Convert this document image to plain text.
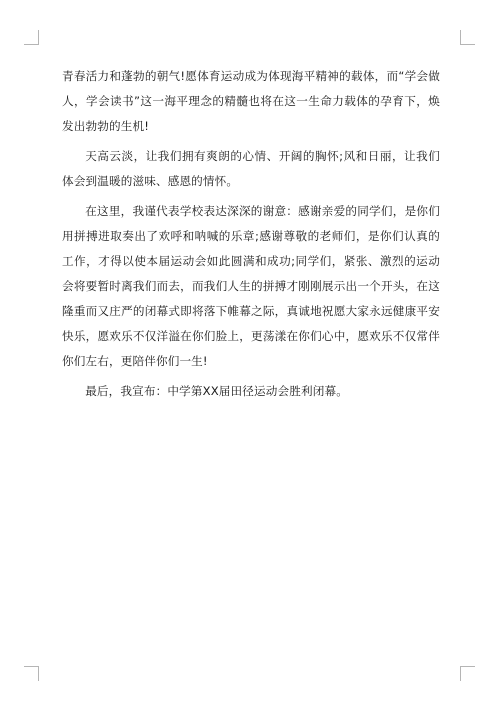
青春活力和蓬勃的朝气!愿体育运动成为体现海平精神的载体，而“学会做人，学会读书”这一海平理念的精髓也将在这一生命力载体的孕育下，焕发出勃勃的生机!

天高云淡，让我们拥有爽朗的心情、开阔的胸怀;风和日丽，让我们体会到温暖的滋味、感恩的情怀。

在这里，我谨代表学校表达深深的谢意：感谢亲爱的同学们，是你们用拼搏进取奏出了欢呼和呐喊的乐章;感谢尊敬的老师们，是你们认真的工作，才得以使本届运动会如此圆满和成功;同学们，紧张、激烈的运动会将要暂时离我们而去，而我们人生的拼搏才刚刚展示出一个开头，在这隆重而又庄严的闭幕式即将落下帷幕之际，真诚地祝愿大家永远健康平安快乐，愿欢乐不仅洋溢在你们脸上，更荡漾在你们心中，愿欢乐不仅常伴你们左右，更陪伴你们一生!

最后，我宣布：中学第XX届田径运动会胜利闭幕。
